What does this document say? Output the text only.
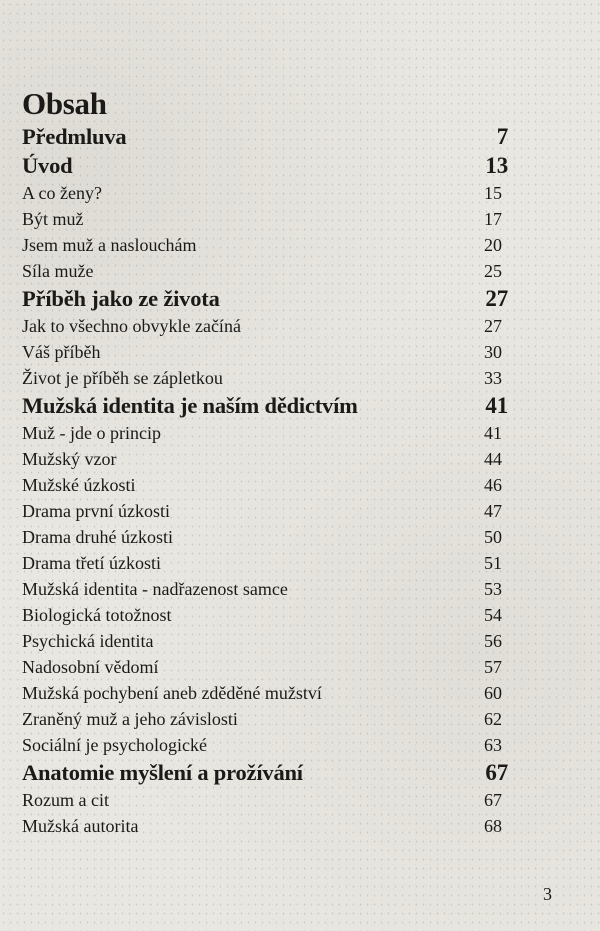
Obsah
Předmluva	7
Úvod	13
A co ženy?	15
Být muž	17
Jsem muž a naslouchám	20
Síla muže	25
Příběh jako ze života	27
Jak to všechno obvykle začíná	27
Váš příběh	30
Život je příběh se zápletkou	33
Mužská identita je naším dědictvím	41
Muž - jde o princip	41
Mužský vzor	44
Mužské úzkosti	46
Drama první úzkosti	47
Drama druhé úzkosti	50
Drama třetí úzkosti	51
Mužská identita - nadřazenost samce	53
Biologická totožnost	54
Psychická identita	56
Nadosobní vědomí	57
Mužská pochybení aneb zděděné mužství	60
Zraněný muž a jeho závislosti	62
Sociální je psychologické	63
Anatomie myšlení a prožívání	67
Rozum a cit	67
Mužská autorita	68
3
